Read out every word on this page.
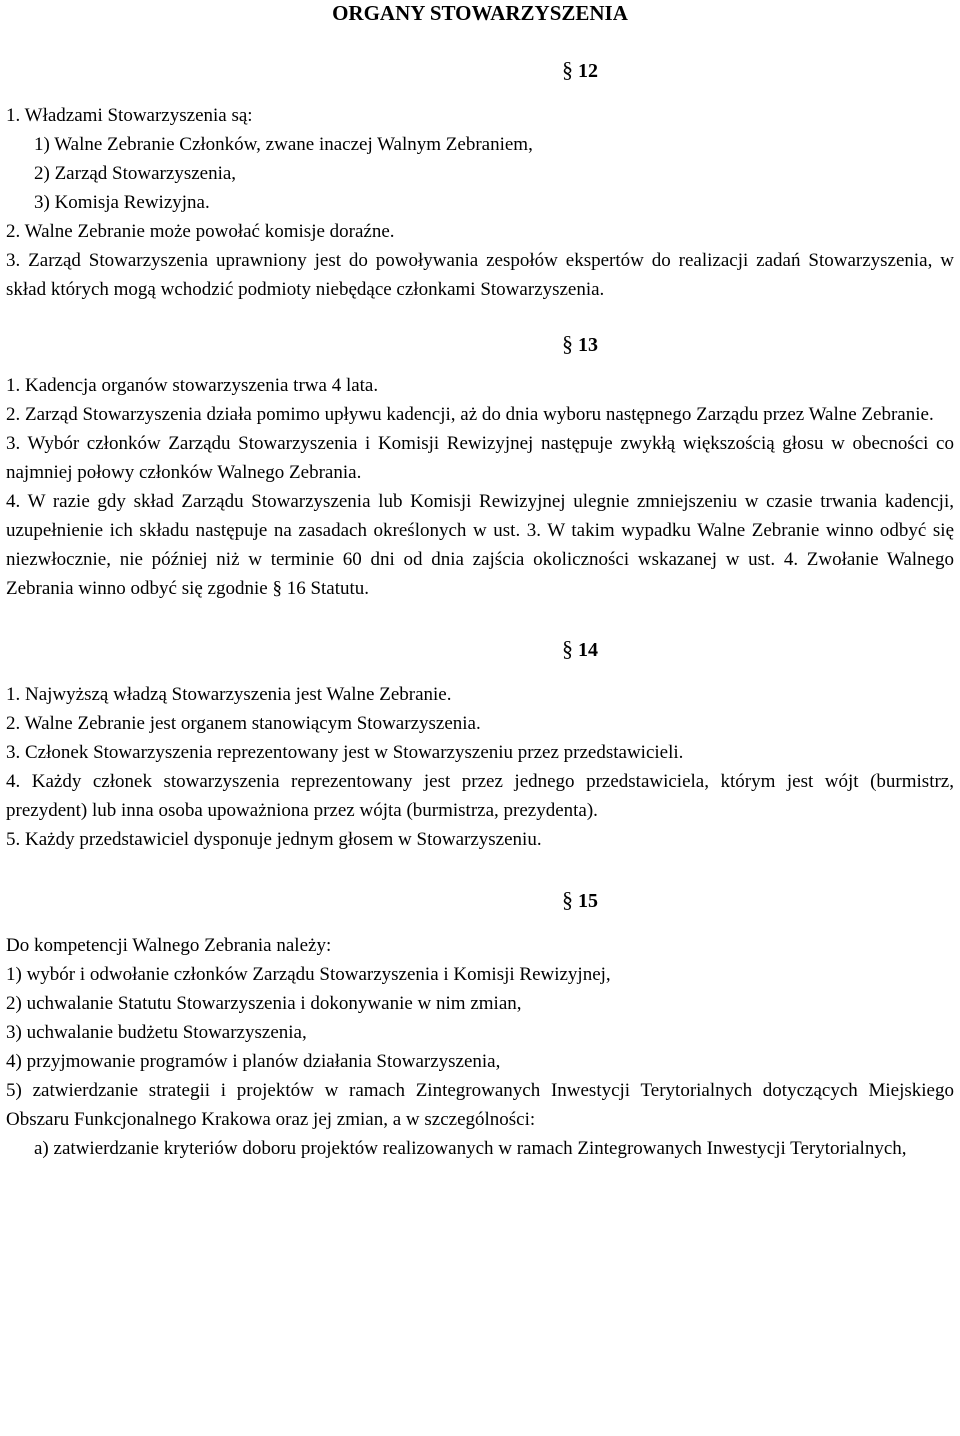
ORGANY STOWARZYSZENIA
§ 12

1. Władzami Stowarzyszenia są:

1) Walne Zebranie Członków, zwane inaczej Walnym Zebraniem,

2) Zarząd Stowarzyszenia,

3) Komisja Rewizyjna.

2. Walne Zebranie może powołać komisje doraźne.

3. Zarząd Stowarzyszenia uprawniony jest do powoływania zespołów ekspertów do realizacji zadań Stowarzyszenia, w skład których mogą wchodzić podmioty niebędące członkami Stowarzyszenia.

§ 13

1. Kadencja organów stowarzyszenia trwa 4 lata.

2. Zarząd Stowarzyszenia działa pomimo upływu kadencji, aż do dnia wyboru następnego Zarządu przez Walne Zebranie.

3. Wybór członków Zarządu Stowarzyszenia i Komisji Rewizyjnej następuje zwykłą większością głosu w obecności co najmniej połowy członków Walnego Zebrania.

4. W razie gdy skład Zarządu Stowarzyszenia lub Komisji Rewizyjnej ulegnie zmniejszeniu w czasie trwania kadencji, uzupełnienie ich składu następuje na zasadach określonych w ust. 3. W takim wypadku Walne Zebranie winno odbyć się niezwłocznie, nie później niż w terminie 60 dni od dnia zajścia okoliczności wskazanej w ust. 4. Zwołanie Walnego Zebrania winno odbyć się zgodnie § 16 Statutu.

§ 14

1. Najwyższą władzą Stowarzyszenia jest Walne Zebranie.

2. Walne Zebranie jest organem stanowiącym Stowarzyszenia.

3. Członek Stowarzyszenia reprezentowany jest w Stowarzyszeniu przez przedstawicieli.

4. Każdy członek stowarzyszenia reprezentowany jest przez jednego przedstawiciela, którym jest wójt (burmistrz, prezydent) lub inna osoba upoważniona przez wójta (burmistrza, prezydenta).

5. Każdy przedstawiciel dysponuje jednym głosem w Stowarzyszeniu.

§ 15

Do kompetencji Walnego Zebrania należy:

1) wybór i odwołanie członków Zarządu Stowarzyszenia i Komisji Rewizyjnej,

2) uchwalanie Statutu Stowarzyszenia i dokonywanie w nim zmian,

3) uchwalanie budżetu Stowarzyszenia,

4) przyjmowanie programów i planów działania Stowarzyszenia,

5) zatwierdzanie strategii i projektów w ramach Zintegrowanych Inwestycji Terytorialnych dotyczących Miejskiego Obszaru Funkcjonalnego Krakowa oraz jej zmian, a w szczególności:

a) zatwierdzanie kryteriów doboru projektów realizowanych w ramach Zintegrowanych Inwestycji Terytorialnych,
